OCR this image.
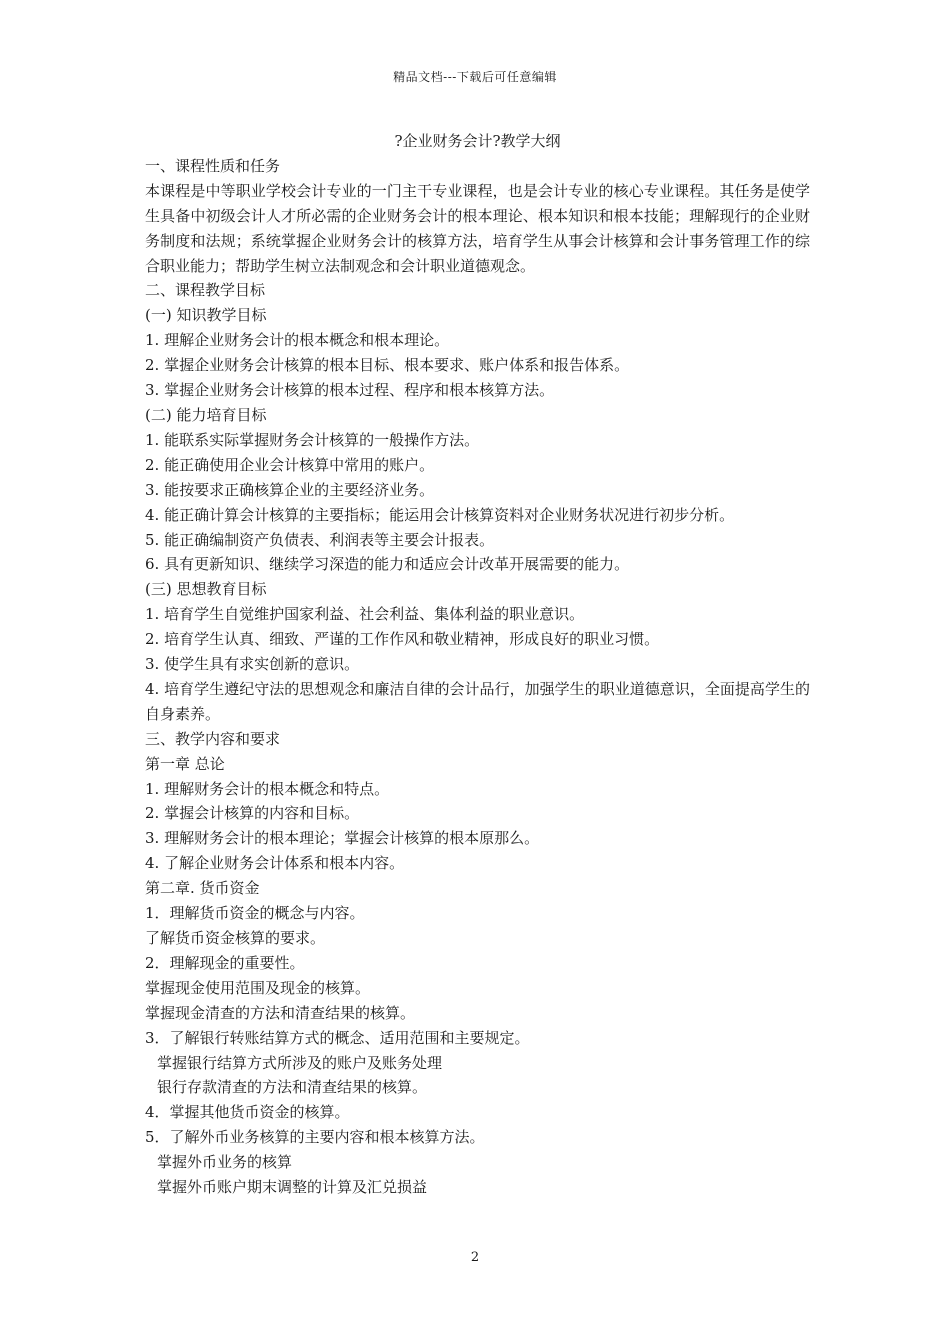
精品文档---下载后可任意编辑

?企业财务会计?教学大纲

一、课程性质和任务

本课程是中等职业学校会计专业的一门主干专业课程，也是会计专业的核心专业课程。其任务是使学生具备中初级会计人才所必需的企业财务会计的根本理论、根本知识和根本技能；理解现行的企业财务制度和法规；系统掌握企业财务会计的核算方法，培育学生从事会计核算和会计事务管理工作的综合职业能力；帮助学生树立法制观念和会计职业道德观念。

二、课程教学目标

(一) 知识教学目标

1. 理解企业财务会计的根本概念和根本理论。

2. 掌握企业财务会计核算的根本目标、根本要求、账户体系和报告体系。

3. 掌握企业财务会计核算的根本过程、程序和根本核算方法。

(二) 能力培育目标

1. 能联系实际掌握财务会计核算的一般操作方法。

2. 能正确使用企业会计核算中常用的账户。

3. 能按要求正确核算企业的主要经济业务。

4. 能正确计算会计核算的主要指标；能运用会计核算资料对企业财务状况进行初步分析。

5. 能正确编制资产负债表、利润表等主要会计报表。

6. 具有更新知识、继续学习深造的能力和适应会计改革开展需要的能力。

(三) 思想教育目标

1. 培育学生自觉维护国家利益、社会利益、集体利益的职业意识。

2. 培育学生认真、细致、严谨的工作作风和敬业精神，形成良好的职业习惯。

3. 使学生具有求实创新的意识。

4. 培育学生遵纪守法的思想观念和廉洁自律的会计品行，加强学生的职业道德意识，全面提高学生的自身素养。

三、教学内容和要求

第一章 总论

1. 理解财务会计的根本概念和特点。

2. 掌握会计核算的内容和目标。

3. 理解财务会计的根本理论；掌握会计核算的根本原那么。

4. 了解企业财务会计体系和根本内容。

第二章. 货币资金

1．理解货币资金的概念与内容。

了解货币资金核算的要求。

2．理解现金的重要性。

掌握现金使用范围及现金的核算。

掌握现金清查的方法和清查结果的核算。

3．了解银行转账结算方式的概念、适用范围和主要规定。

掌握银行结算方式所涉及的账户及账务处理

银行存款清查的方法和清查结果的核算。

4．掌握其他货币资金的核算。

5．了解外币业务核算的主要内容和根本核算方法。

掌握外币业务的核算

掌握外币账户期末调整的计算及汇兑损益

2
